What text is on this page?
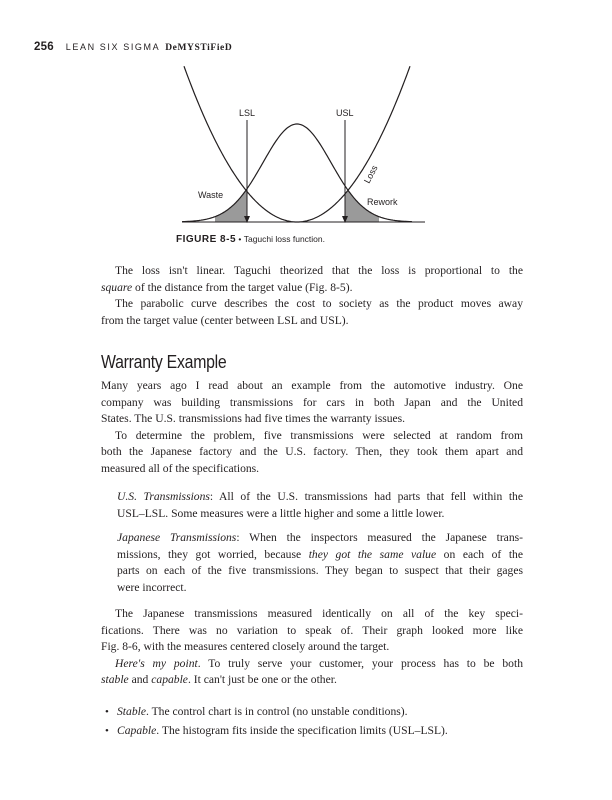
256 LEAN SIX SIGMA DeMYSTiFieD
LSL	USL
Waste
Rework
Loss
FIGURE 8-5 • Taguchi loss function.
The loss isn't linear. Taguchi theorized that the loss is proportional to the
square of the distance from the target value (Fig. 8-5).
The parabolic curve describes the cost to society as the product moves away
from the target value (center between LSL and USL).
Warranty Example
Many years ago I read about an example from the automotive industry. One
company was building transmissions for cars in both Japan and the United
States. The U.S. transmissions had five times the warranty issues.
To determine the problem, five transmissions were selected at random from
both the Japanese factory and the U.S. factory. Then, they took them apart and
measured all of the specifications.
U.S. Transmissions: All of the U.S. transmissions had parts that fell within the
USL–LSL. Some measures were a little higher and some a little lower.
Japanese Transmissions: When the inspectors measured the Japanese trans-
missions, they got worried, because they got the same value on each of the
parts on each of the five transmissions. They began to suspect that their gages
were incorrect.
The Japanese transmissions measured identically on all of the key speci-
fications. There was no variation to speak of. Their graph looked more like
Fig. 8-6, with the measures centered closely around the target.
Here's my point. To truly serve your customer, your process has to be both
stable and capable. It can't just be one or the other.
• Stable. The control chart is in control (no unstable conditions).
• Capable. The histogram fits inside the specification limits (USL–LSL).
